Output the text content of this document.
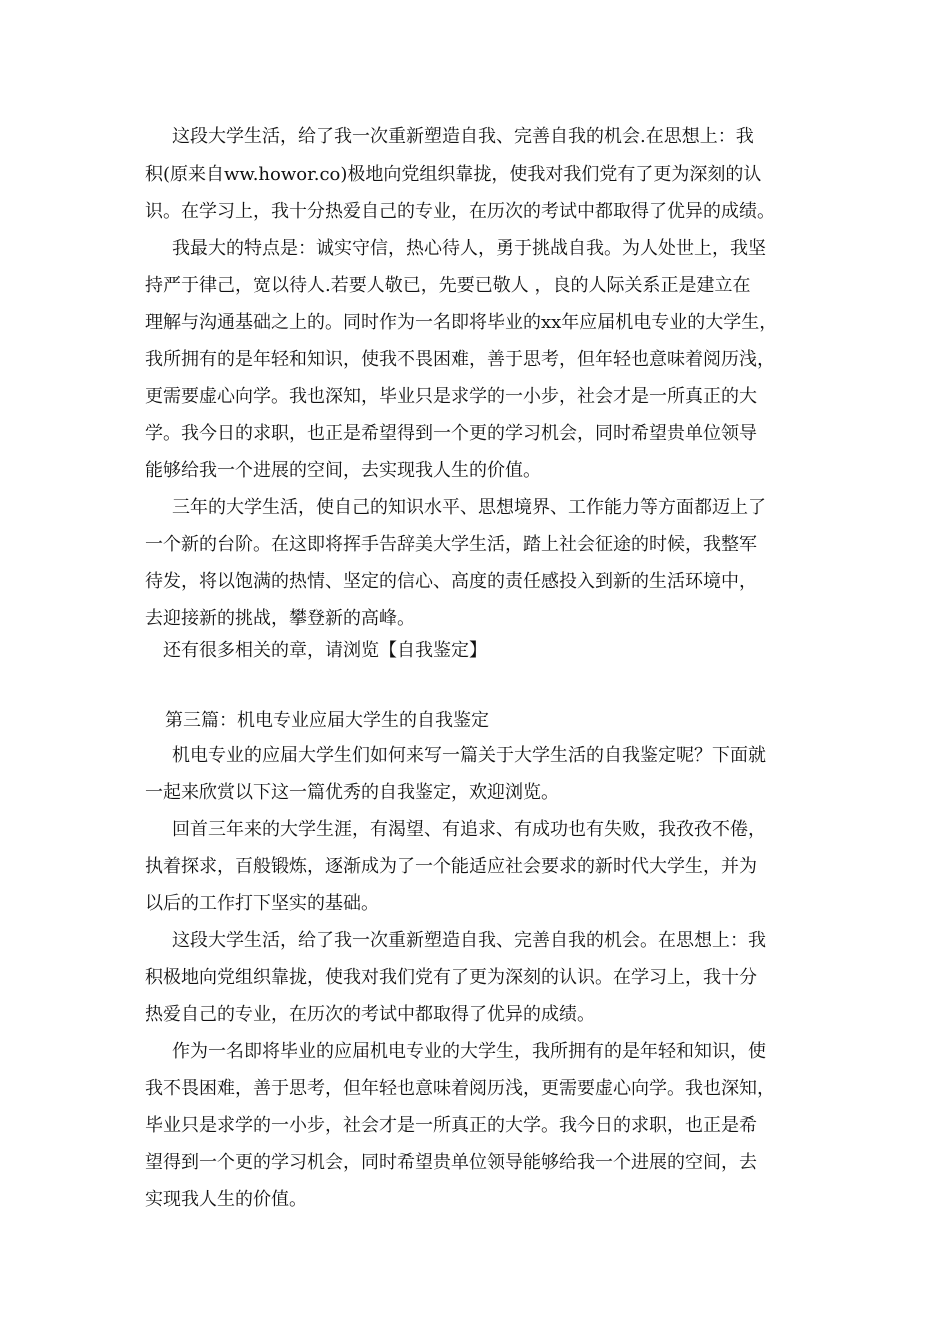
这段大学生活，给了我一次重新塑造自我、完善自我的机会.在思想上：我
积(原来自ww.howor.co)极地向党组织靠拢，使我对我们党有了更为深刻的认
识。在学习上，我十分热爱自己的专业，在历次的考试中都取得了优异的成绩。
我最大的特点是：诚实守信，热心待人，勇于挑战自我。为人处世上，我坚
持严于律己，宽以待人.若要人敬已，先要已敬人 ，良的人际关系正是建立在
理解与沟通基础之上的。同时作为一名即将毕业的xx年应届机电专业的大学生，
我所拥有的是年轻和知识，使我不畏困难，善于思考，但年轻也意味着阅历浅，
更需要虚心向学。我也深知，毕业只是求学的一小步，社会才是一所真正的大
学。我今日的求职，也正是希望得到一个更的学习机会，同时希望贵单位领导
能够给我一个进展的空间，去实现我人生的价值。
三年的大学生活，使自己的知识水平、思想境界、工作能力等方面都迈上了
一个新的台阶。在这即将挥手告辞美大学生活，踏上社会征途的时候，我整军
待发，将以饱满的热情、坚定的信心、高度的责任感投入到新的生活环境中，
去迎接新的挑战，攀登新的高峰。
还有很多相关的章，请浏览【自我鉴定】
第三篇：机电专业应届大学生的自我鉴定
机电专业的应届大学生们如何来写一篇关于大学生活的自我鉴定呢？下面就
一起来欣赏以下这一篇优秀的自我鉴定，欢迎浏览。
回首三年来的大学生涯，有渴望、有追求、有成功也有失败，我孜孜不倦，
执着探求，百般锻炼，逐渐成为了一个能适应社会要求的新时代大学生，并为
以后的工作打下坚实的基础。
这段大学生活，给了我一次重新塑造自我、完善自我的机会。在思想上：我
积极地向党组织靠拢，使我对我们党有了更为深刻的认识。在学习上，我十分
热爱自己的专业，在历次的考试中都取得了优异的成绩。
作为一名即将毕业的应届机电专业的大学生，我所拥有的是年轻和知识，使
我不畏困难，善于思考，但年轻也意味着阅历浅，更需要虚心向学。我也深知，
毕业只是求学的一小步，社会才是一所真正的大学。我今日的求职，也正是希
望得到一个更的学习机会，同时希望贵单位领导能够给我一个进展的空间，去
实现我人生的价值。
